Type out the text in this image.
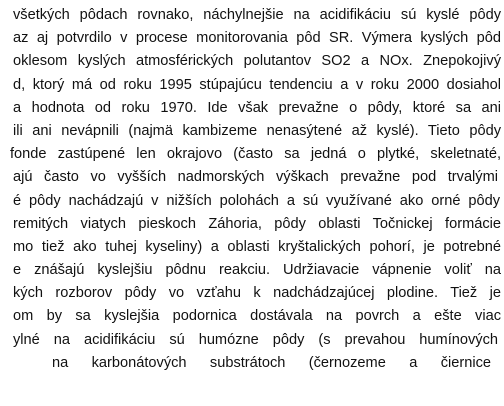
všetkých pôdach rovnako, náchylnejšie na acidifikáciu sú kyslé pôdy
az aj potvrdilo v procese monitorovania pôd SR. Výmera kyslých pôd
oklesom kyslých atmosférických polutantov SO2 a NOx. Znepokojivý
d, ktorý má od roku 1995 stúpajúcu tendenciu a v roku 2000 dosiahol
a hodnota od roku 1970. Ide však prevažne o pôdy, ktoré sa ani
ili ani nevápnili (najmä kambizeme nenasýtené až kyslé). Tieto pôdy
fonde zastúpené len okrajovo (často sa jedná o plytké, skeletnaté,
ajú často vo vyšších nadmorských výškach prevažne pod trvalými
é pôdy nachádzajú v nižších polohách a sú využívané ako orné pôdy
remitých viatych pieskoch Záhoria, pôdy oblasti Točnickej formácie
mo tiež ako tuhej kyseliny) a oblasti kryštalických pohorí, je potrebné
e znášajú kyslejšiu pôdnu reakciu. Udržiavacie vápnenie voliť na
kých rozborov pôdy vo vzťahu k nadchádzajúcej plodine. Tiež je
om by sa kyslejšia podornica dostávala na povrch a ešte viac
ylné na acidifikáciu sú humózne pôdy (s prevahou humínových
na karbonátových substrátoch (černozeme a čiernice
